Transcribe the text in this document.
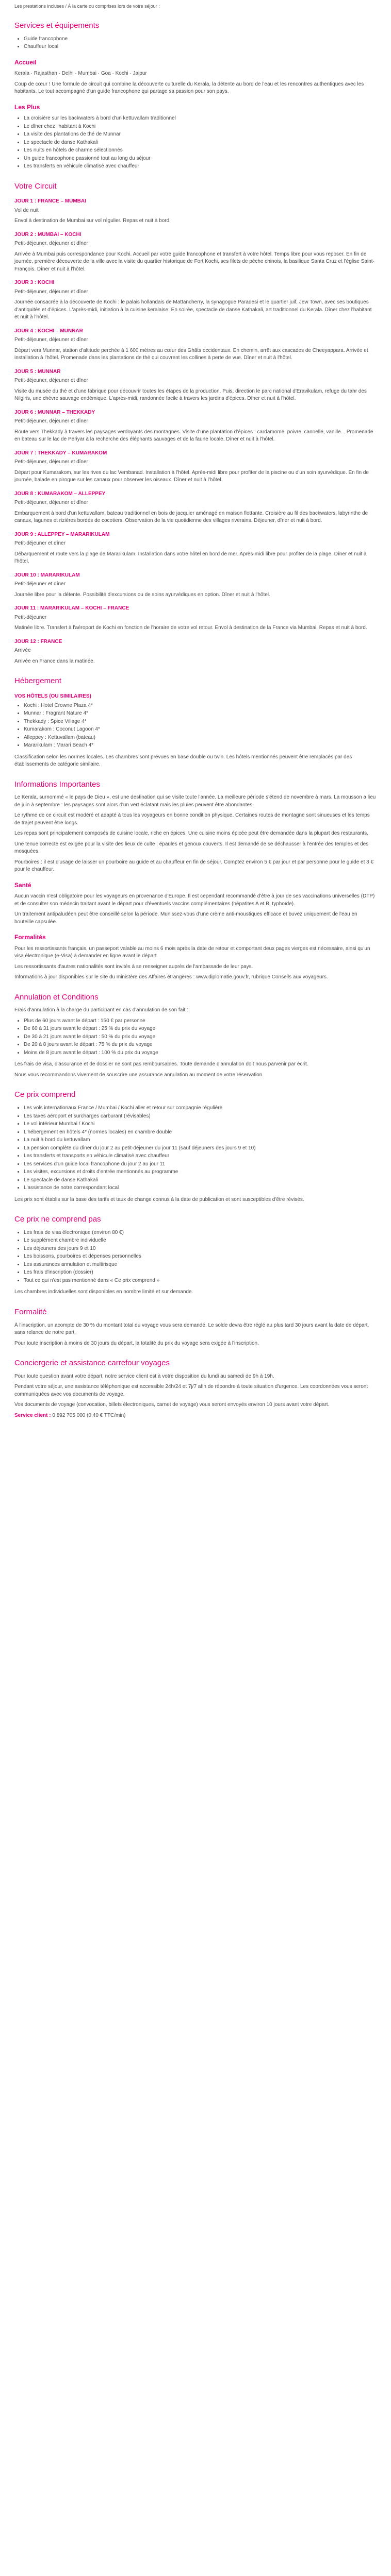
Les prestations incluses / À la carte ou comprises lors de votre séjour :

Services et équipements
• Guide francophone
• Chauffeur local
Accueil

Kerala · Rajasthan · Delhi · Mumbai · Goa · Kochi · Jaipur

Coup de cœur ! Une formule de circuit qui combine la découverte culturelle du Kerala, la détente au bord de l'eau et les rencontres authentiques avec les habitants. Le tout accompagné d'un guide francophone qui partage sa passion pour son pays.

Les Plus
• La croisière sur les backwaters à bord d'un kettuvallam traditionnel
• Le dîner chez l'habitant à Kochi
• La visite des plantations de thé de Munnar
• Le spectacle de danse Kathakali
• Les nuits en hôtels de charme sélectionnés
• Un guide francophone passionné tout au long du séjour
• Les transferts en véhicule climatisé avec chauffeur
Votre Circuit
JOUR 1 : FRANCE – MUMBAI

Vol de nuit

Envol à destination de Mumbai sur vol régulier. Repas et nuit à bord.

JOUR 2 : MUMBAI – KOCHI

Petit-déjeuner, déjeuner et dîner

Arrivée à Mumbai puis correspondance pour Kochi. Accueil par votre guide francophone et transfert à votre hôtel. Temps libre pour vous reposer. En fin de journée, première découverte de la ville avec la visite du quartier historique de Fort Kochi, ses filets de pêche chinois, la basilique Santa Cruz et l'église Saint-François. Dîner et nuit à l'hôtel.

JOUR 3 : KOCHI

Petit-déjeuner, déjeuner et dîner

Journée consacrée à la découverte de Kochi : le palais hollandais de Mattancherry, la synagogue Paradesi et le quartier juif, Jew Town, avec ses boutiques d'antiquités et d'épices. L'après-midi, initiation à la cuisine keralaise. En soirée, spectacle de danse Kathakali, art traditionnel du Kerala. Dîner chez l'habitant et nuit à l'hôtel.

JOUR 4 : KOCHI – MUNNAR

Petit-déjeuner, déjeuner et dîner

Départ vers Munnar, station d'altitude perchée à 1 600 mètres au cœur des Ghâts occidentaux. En chemin, arrêt aux cascades de Cheeyappara. Arrivée et installation à l'hôtel. Promenade dans les plantations de thé qui couvrent les collines à perte de vue. Dîner et nuit à l'hôtel.

JOUR 5 : MUNNAR

Petit-déjeuner, déjeuner et dîner

Visite du musée du thé et d'une fabrique pour découvrir toutes les étapes de la production. Puis, direction le parc national d'Eravikulam, refuge du tahr des Nilgiris, une chèvre sauvage endémique. L'après-midi, randonnée facile à travers les jardins d'épices. Dîner et nuit à l'hôtel.

JOUR 6 : MUNNAR – THEKKADY

Petit-déjeuner, déjeuner et dîner

Route vers Thekkady à travers les paysages verdoyants des montagnes. Visite d'une plantation d'épices : cardamome, poivre, cannelle, vanille... Promenade en bateau sur le lac de Periyar à la recherche des éléphants sauvages et de la faune locale. Dîner et nuit à l'hôtel.

JOUR 7 : THEKKADY – KUMARAKOM

Petit-déjeuner, déjeuner et dîner

Départ pour Kumarakom, sur les rives du lac Vembanad. Installation à l'hôtel. Après-midi libre pour profiter de la piscine ou d'un soin ayurvédique. En fin de journée, balade en pirogue sur les canaux pour observer les oiseaux. Dîner et nuit à l'hôtel.

JOUR 8 : KUMARAKOM – ALLEPPEY

Petit-déjeuner, déjeuner et dîner

Embarquement à bord d'un kettuvallam, bateau traditionnel en bois de jacquier aménagé en maison flottante. Croisière au fil des backwaters, labyrinthe de canaux, lagunes et rizières bordés de cocotiers. Observation de la vie quotidienne des villages riverains. Déjeuner, dîner et nuit à bord.

JOUR 9 : ALLEPPEY – MARARIKULAM

Petit-déjeuner et dîner

Débarquement et route vers la plage de Mararikulam. Installation dans votre hôtel en bord de mer. Après-midi libre pour profiter de la plage. Dîner et nuit à l'hôtel.

JOUR 10 : MARARIKULAM

Petit-déjeuner et dîner

Journée libre pour la détente. Possibilité d'excursions ou de soins ayurvédiques en option. Dîner et nuit à l'hôtel.

JOUR 11 : MARARIKULAM – KOCHI – FRANCE

Petit-déjeuner

Matinée libre. Transfert à l'aéroport de Kochi en fonction de l'horaire de votre vol retour. Envol à destination de la France via Mumbai. Repas et nuit à bord.

JOUR 12 : FRANCE

Arrivée

Arrivée en France dans la matinée.

Hébergement
VOS HÔTELS (OU SIMILAIRES)
• Kochi : Hotel Crowne Plaza 4*
• Munnar : Fragrant Nature 4*
• Thekkady : Spice Village 4*
• Kumarakom : Coconut Lagoon 4*
• Alleppey : Kettuvallam (bateau)
• Mararikulam : Marari Beach 4*

Classification selon les normes locales. Les chambres sont prévues en base double ou twin. Les hôtels mentionnés peuvent être remplacés par des établissements de catégorie similaire.

Informations Importantes

Le Kerala, surnommé « le pays de Dieu », est une destination qui se visite toute l'année. La meilleure période s'étend de novembre à mars. La mousson a lieu de juin à septembre : les paysages sont alors d'un vert éclatant mais les pluies peuvent être abondantes.

Le rythme de ce circuit est modéré et adapté à tous les voyageurs en bonne condition physique. Certaines routes de montagne sont sinueuses et les temps de trajet peuvent être longs.

Les repas sont principalement composés de cuisine locale, riche en épices. Une cuisine moins épicée peut être demandée dans la plupart des restaurants.

Une tenue correcte est exigée pour la visite des lieux de culte : épaules et genoux couverts. Il est demandé de se déchausser à l'entrée des temples et des mosquées.

Pourboires : il est d'usage de laisser un pourboire au guide et au chauffeur en fin de séjour. Comptez environ 5 € par jour et par personne pour le guide et 3 € pour le chauffeur.

Santé

Aucun vaccin n'est obligatoire pour les voyageurs en provenance d'Europe. Il est cependant recommandé d'être à jour de ses vaccinations universelles (DTP) et de consulter son médecin traitant avant le départ pour d'éventuels vaccins complémentaires (hépatites A et B, typhoïde).

Un traitement antipaludéen peut être conseillé selon la période. Munissez-vous d'une crème anti-moustiques efficace et buvez uniquement de l'eau en bouteille capsulée.

Formalités

Pour les ressortissants français, un passeport valable au moins 6 mois après la date de retour et comportant deux pages vierges est nécessaire, ainsi qu'un visa électronique (e-Visa) à demander en ligne avant le départ.

Les ressortissants d'autres nationalités sont invités à se renseigner auprès de l'ambassade de leur pays.

Informations à jour disponibles sur le site du ministère des Affaires étrangères : www.diplomatie.gouv.fr, rubrique Conseils aux voyageurs.

Annulation et Conditions

Frais d'annulation à la charge du participant en cas d'annulation de son fait :

• Plus de 60 jours avant le départ : 150 € par personne
• De 60 à 31 jours avant le départ : 25 % du prix du voyage
• De 30 à 21 jours avant le départ : 50 % du prix du voyage
• De 20 à 8 jours avant le départ : 75 % du prix du voyage
• Moins de 8 jours avant le départ : 100 % du prix du voyage

Les frais de visa, d'assurance et de dossier ne sont pas remboursables. Toute demande d'annulation doit nous parvenir par écrit.

Nous vous recommandons vivement de souscrire une assurance annulation au moment de votre réservation.

Ce prix comprend
• Les vols internationaux France / Mumbai / Kochi aller et retour sur compagnie régulière
• Les taxes aéroport et surcharges carburant (révisables)
• Le vol intérieur Mumbai / Kochi
• L'hébergement en hôtels 4* (normes locales) en chambre double
• La nuit à bord du kettuvallam
• La pension complète du dîner du jour 2 au petit-déjeuner du jour 11 (sauf déjeuners des jours 9 et 10)
• Les transferts et transports en véhicule climatisé avec chauffeur
• Les services d'un guide local francophone du jour 2 au jour 11
• Les visites, excursions et droits d'entrée mentionnés au programme
• Le spectacle de danse Kathakali
• L'assistance de notre correspondant local

Les prix sont établis sur la base des tarifs et taux de change connus à la date de publication et sont susceptibles d'être révisés.

Ce prix ne comprend pas
• Les frais de visa électronique (environ 80 €)
• Le supplément chambre individuelle
• Les déjeuners des jours 9 et 10
• Les boissons, pourboires et dépenses personnelles
• Les assurances annulation et multirisque
• Les frais d'inscription (dossier)
• Tout ce qui n'est pas mentionné dans « Ce prix comprend »

Les chambres individuelles sont disponibles en nombre limité et sur demande.

Formalité

À l'inscription, un acompte de 30 % du montant total du voyage vous sera demandé. Le solde devra être réglé au plus tard 30 jours avant la date de départ, sans relance de notre part.

Pour toute inscription à moins de 30 jours du départ, la totalité du prix du voyage sera exigée à l'inscription.

Conciergerie et assistance carrefour voyages

Pour toute question avant votre départ, notre service client est à votre disposition du lundi au samedi de 9h à 19h.

Pendant votre séjour, une assistance téléphonique est accessible 24h/24 et 7j/7 afin de répondre à toute situation d'urgence. Les coordonnées vous seront communiquées avec vos documents de voyage.

Vos documents de voyage (convocation, billets électroniques, carnet de voyage) vous seront envoyés environ 10 jours avant votre départ.

Service client : 0 892 705 000 (0,40 € TTC/min)
